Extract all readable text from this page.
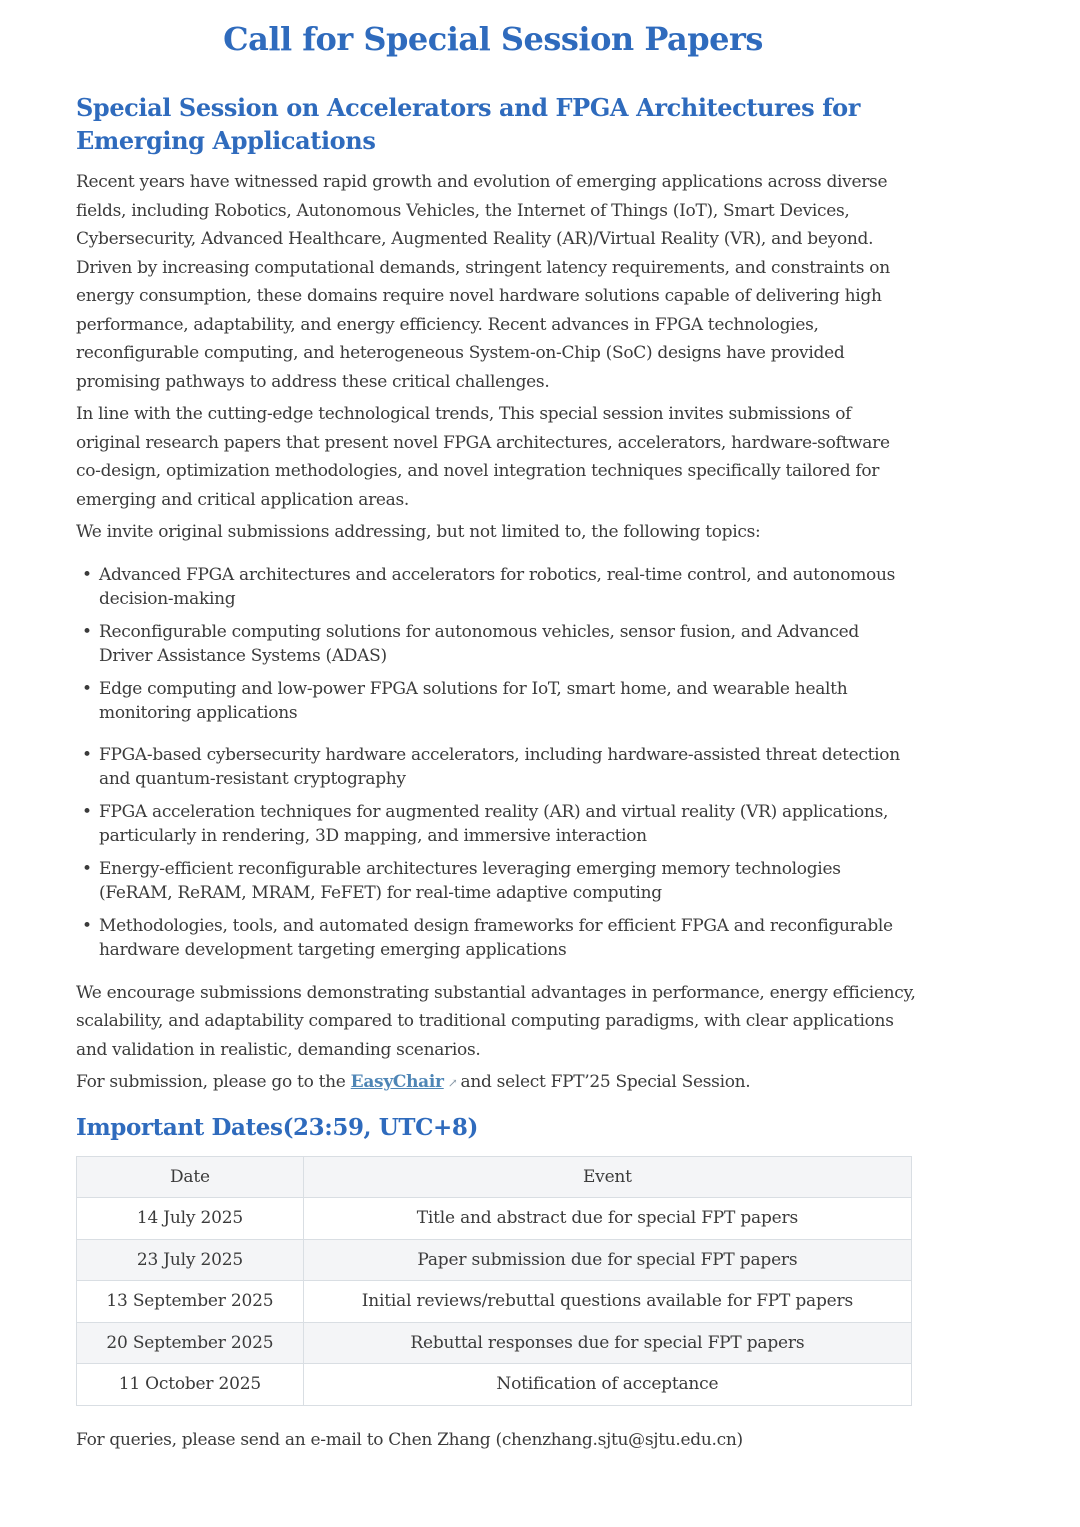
Call for Special Session Papers
Special Session on Accelerators and FPGA Architectures for Emerging Applications

Recent years have witnessed rapid growth and evolution of emerging applications across diverse fields, including Robotics, Autonomous Vehicles, the Internet of Things (IoT), Smart Devices, Cybersecurity, Advanced Healthcare, Augmented Reality (AR)/Virtual Reality (VR), and beyond. Driven by increasing computational demands, stringent latency requirements, and constraints on energy consumption, these domains require novel hardware solutions capable of delivering high performance, adaptability, and energy efficiency. Recent advances in FPGA technologies, reconfigurable computing, and heterogeneous System-on-Chip (SoC) designs have provided promising pathways to address these critical challenges.

In line with the cutting-edge technological trends, This special session invites submissions of original research papers that present novel FPGA architectures, accelerators, hardware-software co-design, optimization methodologies, and novel integration techniques specifically tailored for emerging and critical application areas.

We invite original submissions addressing, but not limited to, the following topics:

• Advanced FPGA architectures and accelerators for robotics, real-time control, and autonomous decision-making
• Reconfigurable computing solutions for autonomous vehicles, sensor fusion, and Advanced Driver Assistance Systems (ADAS)
• Edge computing and low-power FPGA solutions for IoT, smart home, and wearable health monitoring applications
• FPGA-based cybersecurity hardware accelerators, including hardware-assisted threat detection and quantum-resistant cryptography
• FPGA acceleration techniques for augmented reality (AR) and virtual reality (VR) applications, particularly in rendering, 3D mapping, and immersive interaction
• Energy-efficient reconfigurable architectures leveraging emerging memory technologies (FeRAM, ReRAM, MRAM, FeFET) for real-time adaptive computing
• Methodologies, tools, and automated design frameworks for efficient FPGA and reconfigurable hardware development targeting emerging applications

We encourage submissions demonstrating substantial advantages in performance, energy efficiency, scalability, and adaptability compared to traditional computing paradigms, with clear applications and validation in realistic, demanding scenarios.

For submission, please go to the EasyChair ↗ and select FPT’25 Special Session.

Important Dates(23:59, UTC+8)
Date	Event
14 July 2025	Title and abstract due for special FPT papers
23 July 2025	Paper submission due for special FPT papers
13 September 2025	Initial reviews/rebuttal questions available for FPT papers
20 September 2025	Rebuttal responses due for special FPT papers
11 October 2025	Notification of acceptance

For queries, please send an e-mail to Chen Zhang (chenzhang.sjtu@sjtu.edu.cn)
